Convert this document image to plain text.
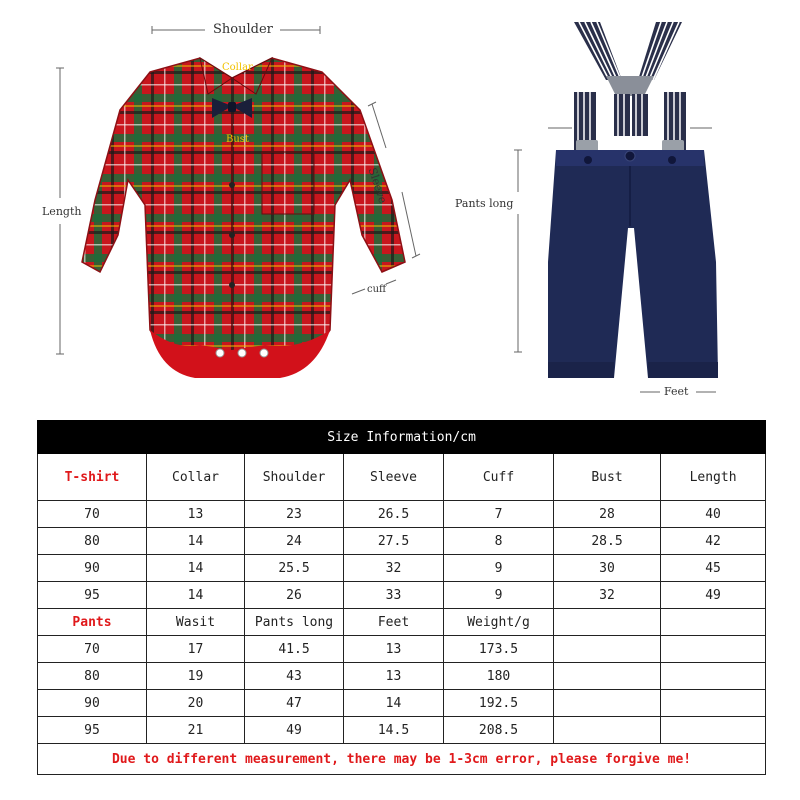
Shoulder
Collar
Bust
Sleeve
Length
cuff
Pants long
Feet
Size Information/cm						
T-shirt	Collar	Shoulder	Sleeve	Cuff	Bust	Length
70	13	23	26.5	7	28	40
80	14	24	27.5	8	28.5	42
90	14	25.5	32	9	30	45
95	14	26	33	9	32	49
Pants	Wasit	Pants long	Feet	Weight/g		
70	17	41.5	13	173.5		
80	19	43	13	180		
90	20	47	14	192.5		
95	21	49	14.5	208.5		
Due to different measurement, there may be 1-3cm error, please forgive me!						
